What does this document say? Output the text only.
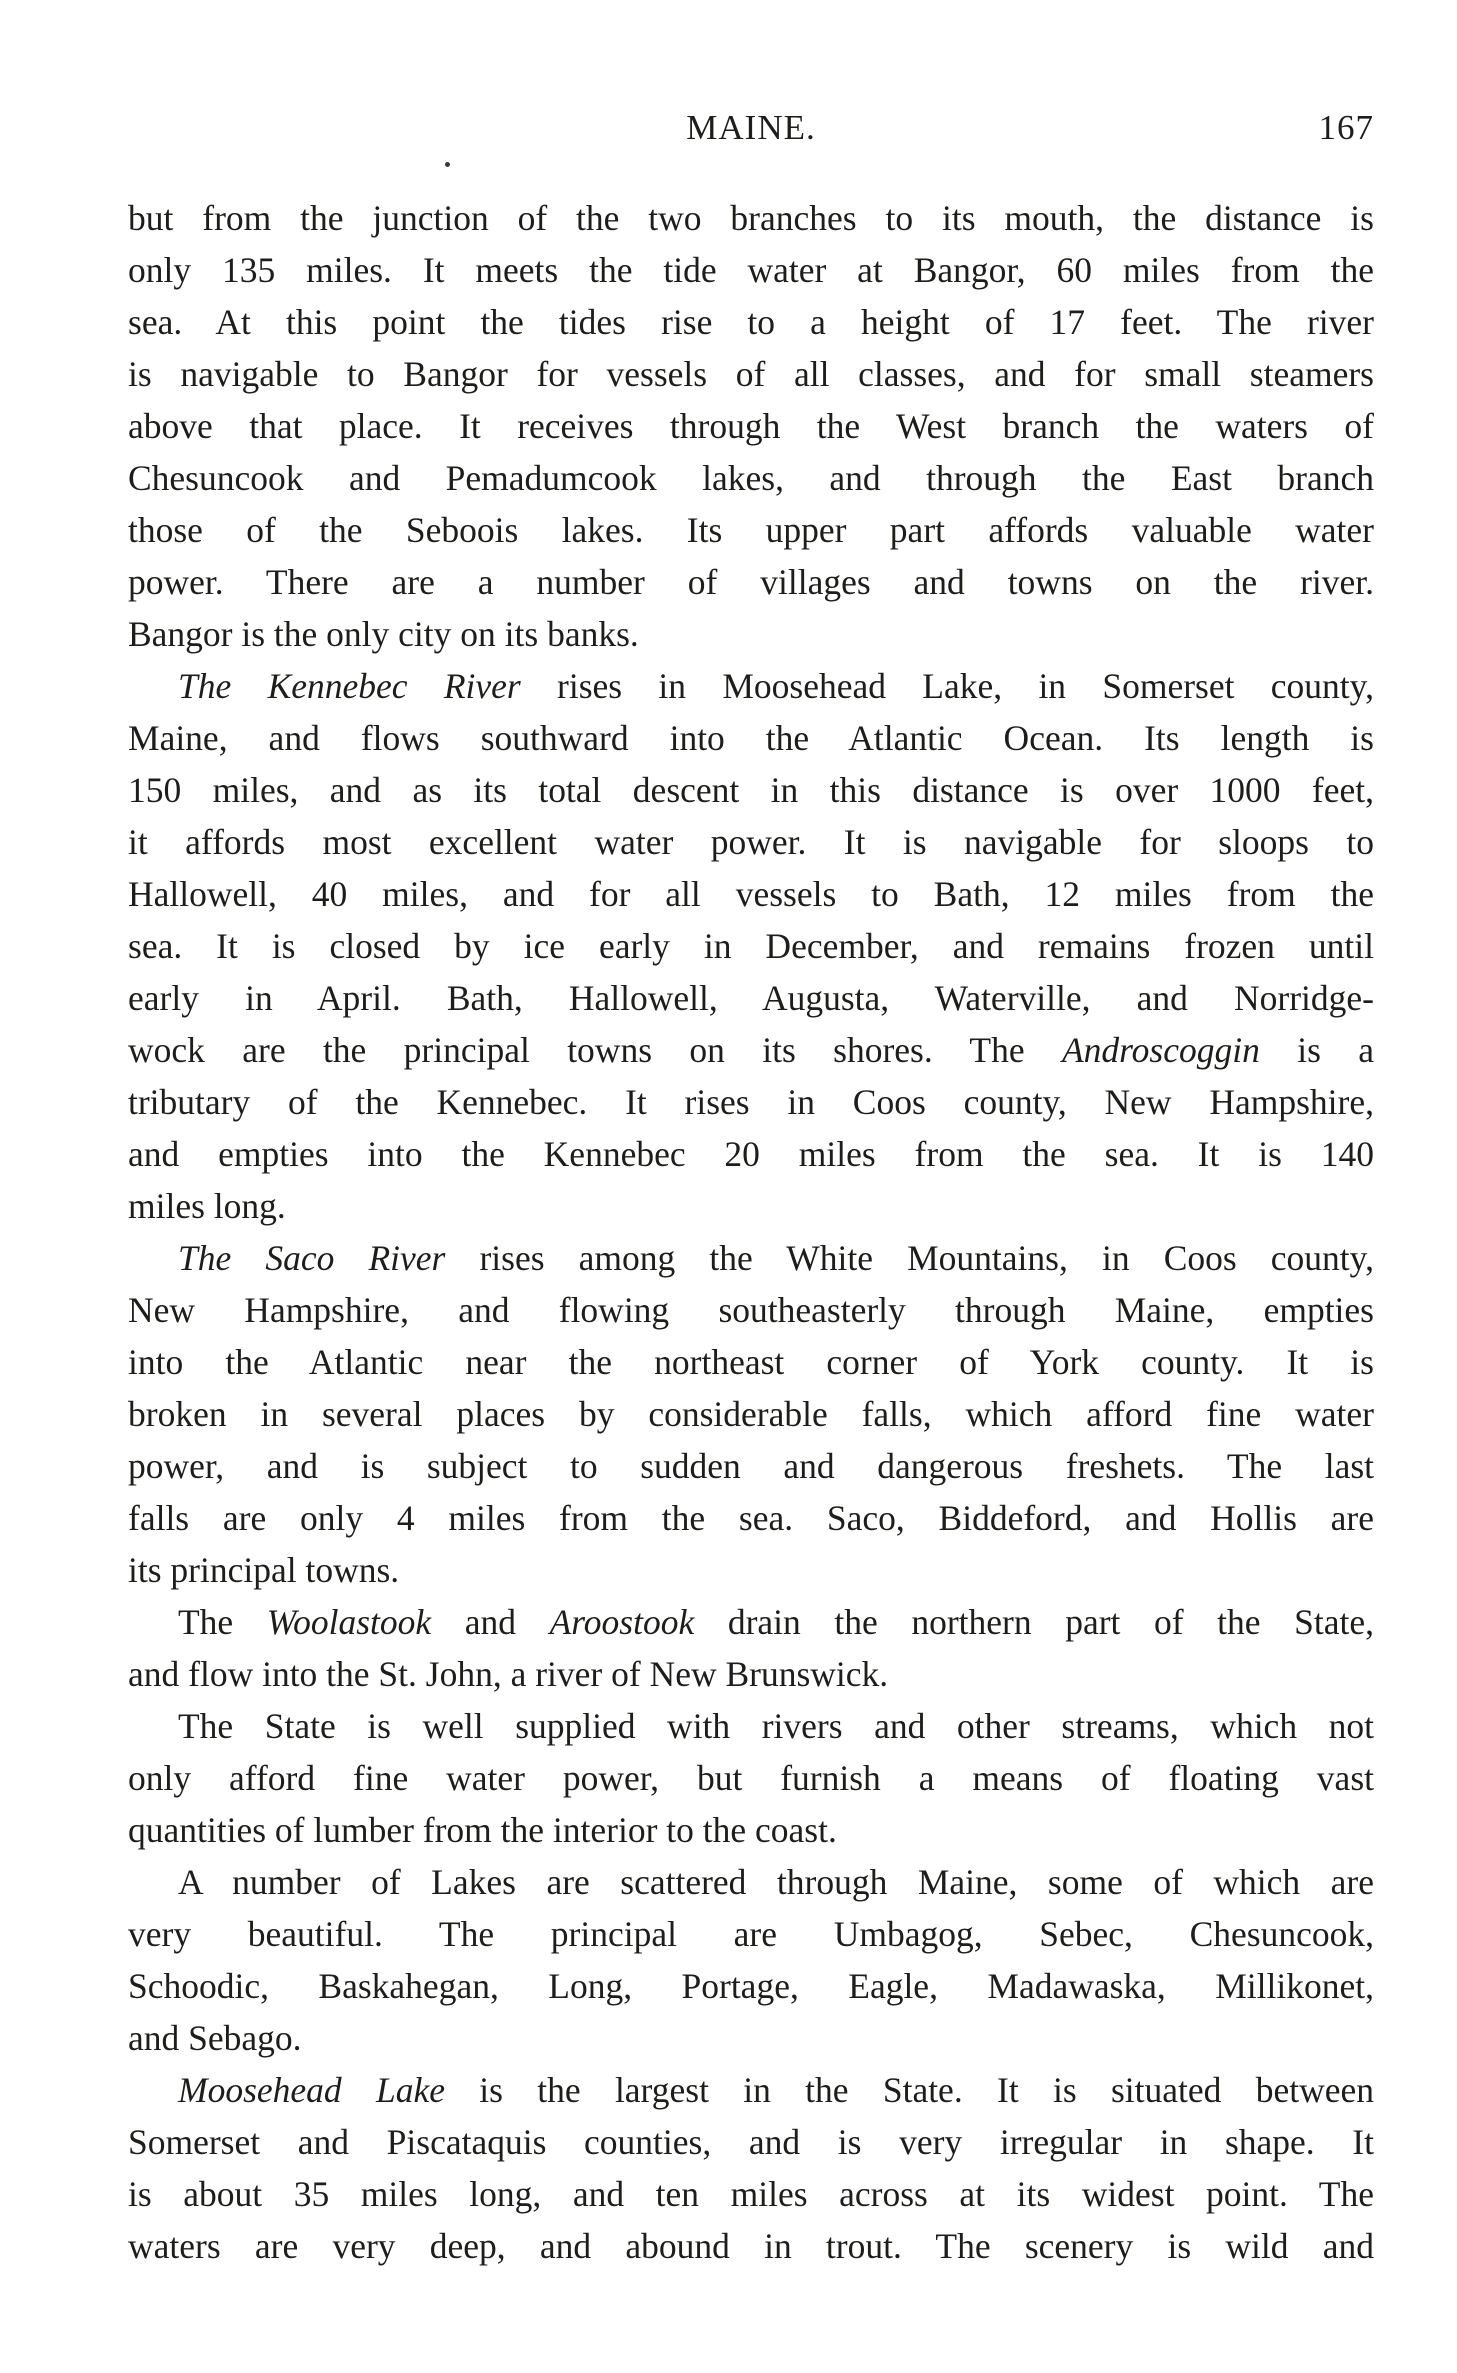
MAINE.	167
but from the junction of the two branches to its mouth, the distance is
only 135 miles. It meets the tide water at Bangor, 60 miles from the
sea. At this point the tides rise to a height of 17 feet. The river
is navigable to Bangor for vessels of all classes, and for small steamers
above that place. It receives through the West branch the waters of
Chesuncook and Pemadumcook lakes, and through the East branch
those of the Seboois lakes. Its upper part affords valuable water
power. There are a number of villages and towns on the river.
Bangor is the only city on its banks.
The Kennebec River rises in Moosehead Lake, in Somerset county,
Maine, and flows southward into the Atlantic Ocean. Its length is
150 miles, and as its total descent in this distance is over 1000 feet,
it affords most excellent water power. It is navigable for sloops to
Hallowell, 40 miles, and for all vessels to Bath, 12 miles from the
sea. It is closed by ice early in December, and remains frozen until
early in April. Bath, Hallowell, Augusta, Waterville, and Norridge-
wock are the principal towns on its shores. The Androscoggin is a
tributary of the Kennebec. It rises in Coos county, New Hampshire,
and empties into the Kennebec 20 miles from the sea. It is 140
miles long.
The Saco River rises among the White Mountains, in Coos county,
New Hampshire, and flowing southeasterly through Maine, empties
into the Atlantic near the northeast corner of York county. It is
broken in several places by considerable falls, which afford fine water
power, and is subject to sudden and dangerous freshets. The last
falls are only 4 miles from the sea. Saco, Biddeford, and Hollis are
its principal towns.
The Woolastook and Aroostook drain the northern part of the State,
and flow into the St. John, a river of New Brunswick.
The State is well supplied with rivers and other streams, which not
only afford fine water power, but furnish a means of floating vast
quantities of lumber from the interior to the coast.
A number of Lakes are scattered through Maine, some of which are
very beautiful. The principal are Umbagog, Sebec, Chesuncook,
Schoodic, Baskahegan, Long, Portage, Eagle, Madawaska, Millikonet,
and Sebago.
Moosehead Lake is the largest in the State. It is situated between
Somerset and Piscataquis counties, and is very irregular in shape. It
is about 35 miles long, and ten miles across at its widest point. The
waters are very deep, and abound in trout. The scenery is wild and
